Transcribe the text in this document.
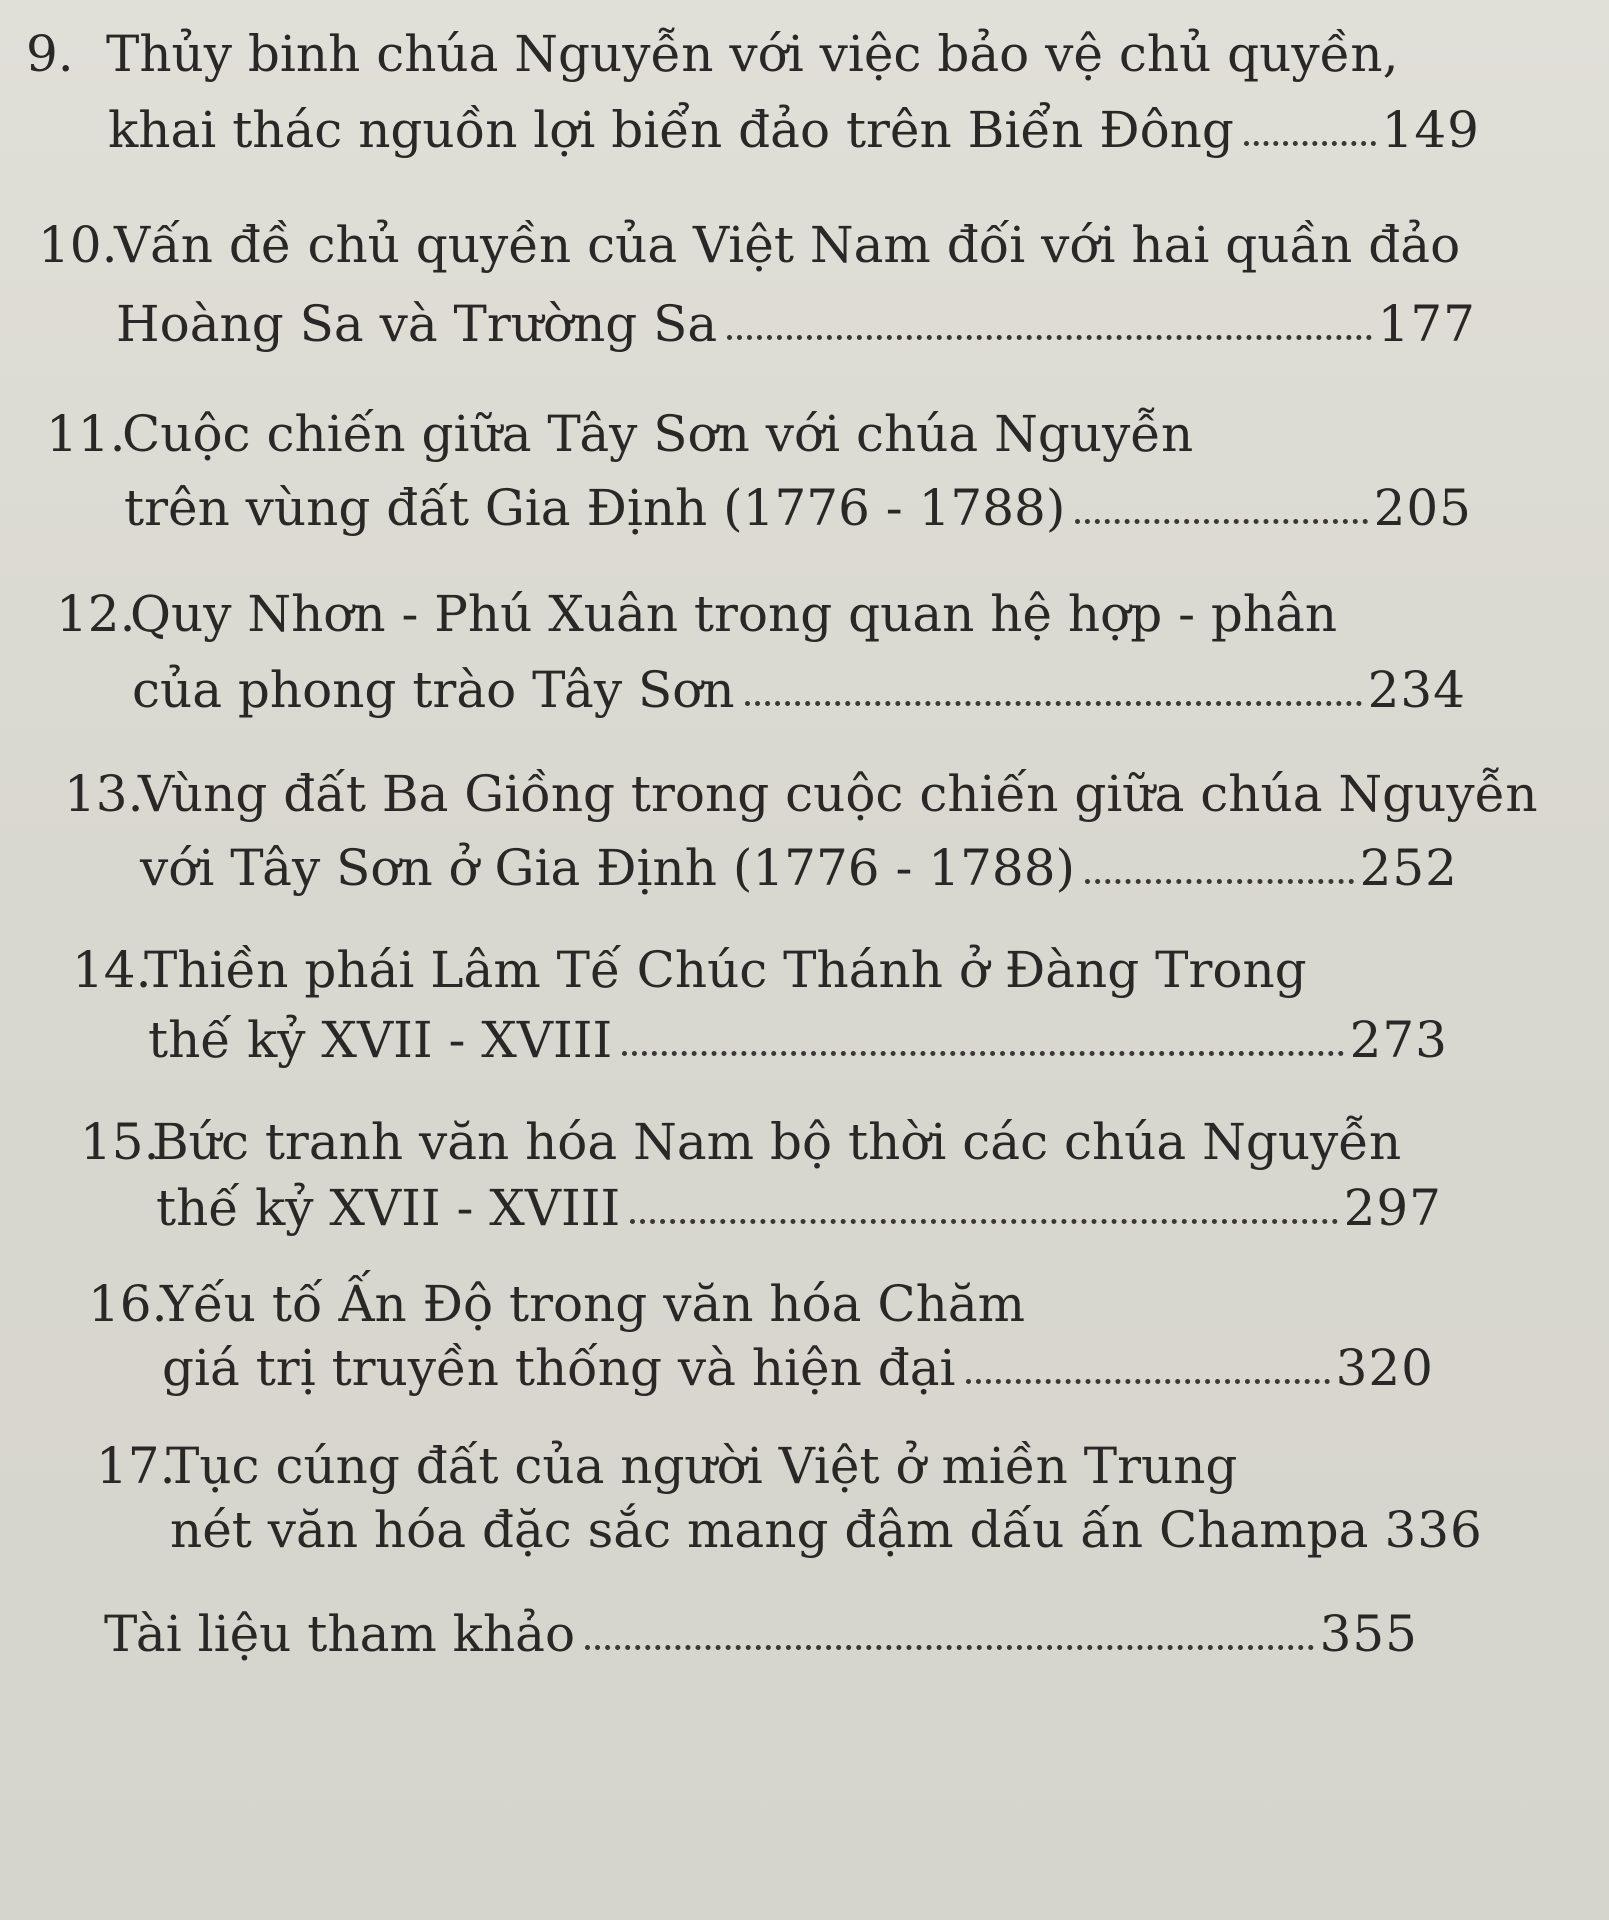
9. Thủy binh chúa Nguyễn với việc bảo vệ chủ quyền,
khai thác nguồn lợi biển đảo trên Biển Đông	149
10.Vấn đề chủ quyền của Việt Nam đối với hai quần đảo
Hoàng Sa và Trường Sa	177
11.Cuộc chiến giữa Tây Sơn với chúa Nguyễn
trên vùng đất Gia Định (1776 - 1788)	205
12.Quy Nhơn - Phú Xuân trong quan hệ hợp - phân
của phong trào Tây Sơn	234
13.Vùng đất Ba Giồng trong cuộc chiến giữa chúa Nguyễn
với Tây Sơn ở Gia Định (1776 - 1788)	252
14.Thiền phái Lâm Tế Chúc Thánh ở Đàng Trong
thế kỷ XVII - XVIII	273
15.Bức tranh văn hóa Nam bộ thời các chúa Nguyễn
thế kỷ XVII - XVIII	297
16.Yếu tố Ấn Độ trong văn hóa Chăm
giá trị truyền thống và hiện đại	320
17.Tục cúng đất của người Việt ở miền Trung
nét văn hóa đặc sắc mang đậm dấu ấn Champa 336
Tài liệu tham khảo	355
